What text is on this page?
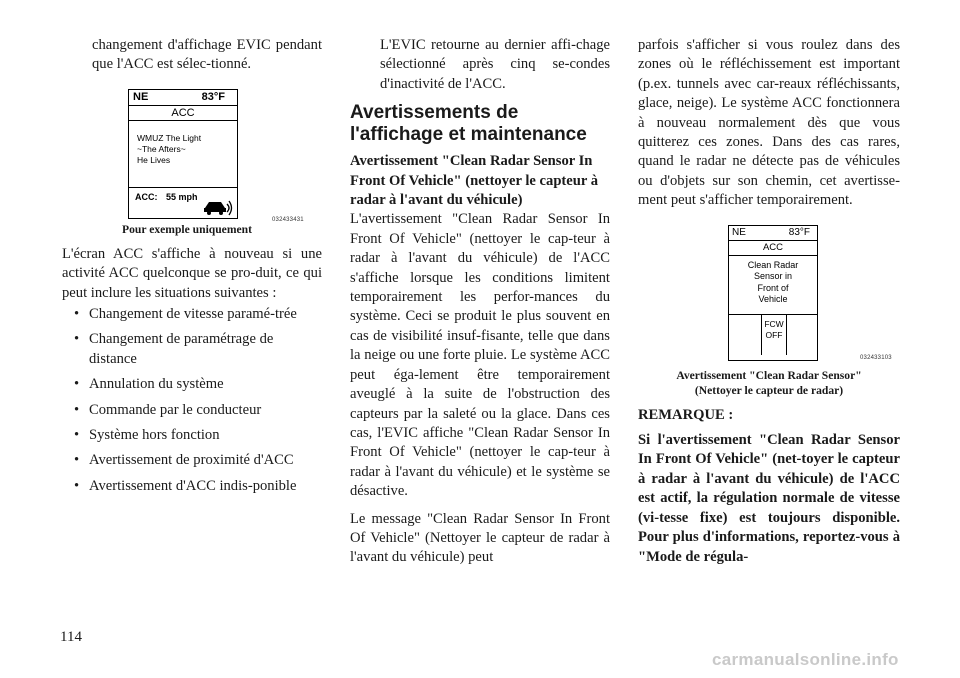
changement d'affichage EVIC pendant que l'ACC est sélec-tionné.

NE	83°F
ACC
WMUZ The Light
~The Afters~
He Lives
ACC: 55 mph
032433431
Pour exemple uniquement

L'écran ACC s'affiche à nouveau si une activité ACC quelconque se pro-duit, ce qui peut inclure les situations suivantes :

• Changement de vitesse paramé-trée
• Changement de paramétrage de distance
• Annulation du système
• Commande par le conducteur
• Système hors fonction
• Avertissement de proximité d'ACC
• Avertissement d'ACC indis-ponible

L'EVIC retourne au dernier affi-chage sélectionné après cinq se-condes d'inactivité de l'ACC.

Avertissements de l'affichage et maintenance

Avertissement "Clean Radar Sensor In Front Of Vehicle" (nettoyer le capteur à radar à l'avant du véhicule)

L'avertissement "Clean Radar Sensor In Front Of Vehicle" (nettoyer le cap-teur à radar à l'avant du véhicule) de l'ACC s'affiche lorsque les conditions limitent temporairement les perfor-mances du système. Ceci se produit le plus souvent en cas de visibilité insuf-fisante, telle que dans la neige ou une forte pluie. Le système ACC peut éga-lement être temporairement aveuglé à la suite de l'obstruction des capteurs par la saleté ou la glace. Dans ces cas, l'EVIC affiche "Clean Radar Sensor In Front Of Vehicle" (nettoyer le cap-teur à radar à l'avant du véhicule) et le système se désactive.

Le message "Clean Radar Sensor In Front Of Vehicle" (Nettoyer le capteur de radar à l'avant du véhicule) peut

parfois s'afficher si vous roulez dans des zones où le réfléchissement est important (p.ex. tunnels avec car-reaux réfléchissants, glace, neige). Le système ACC fonctionnera à nouveau normalement dès que vous quitterez ces zones. Dans des cas rares, quand le radar ne détecte pas de véhicules ou d'objets sur son chemin, cet avertisse-ment peut s'afficher temporairement.

NE	83°F
ACC
Clean Radar
Sensor in
Front of
Vehicle
FCW
OFF
032433103
Avertissement "Clean Radar Sensor"
(Nettoyer le capteur de radar)

REMARQUE :

Si l'avertissement "Clean Radar Sensor In Front Of Vehicle" (net-toyer le capteur à radar à l'avant du véhicule) de l'ACC est actif, la régulation normale de vitesse (vi-tesse fixe) est toujours disponible. Pour plus d'informations, reportez-vous à "Mode de régula-

114
carmanualsonline.info
